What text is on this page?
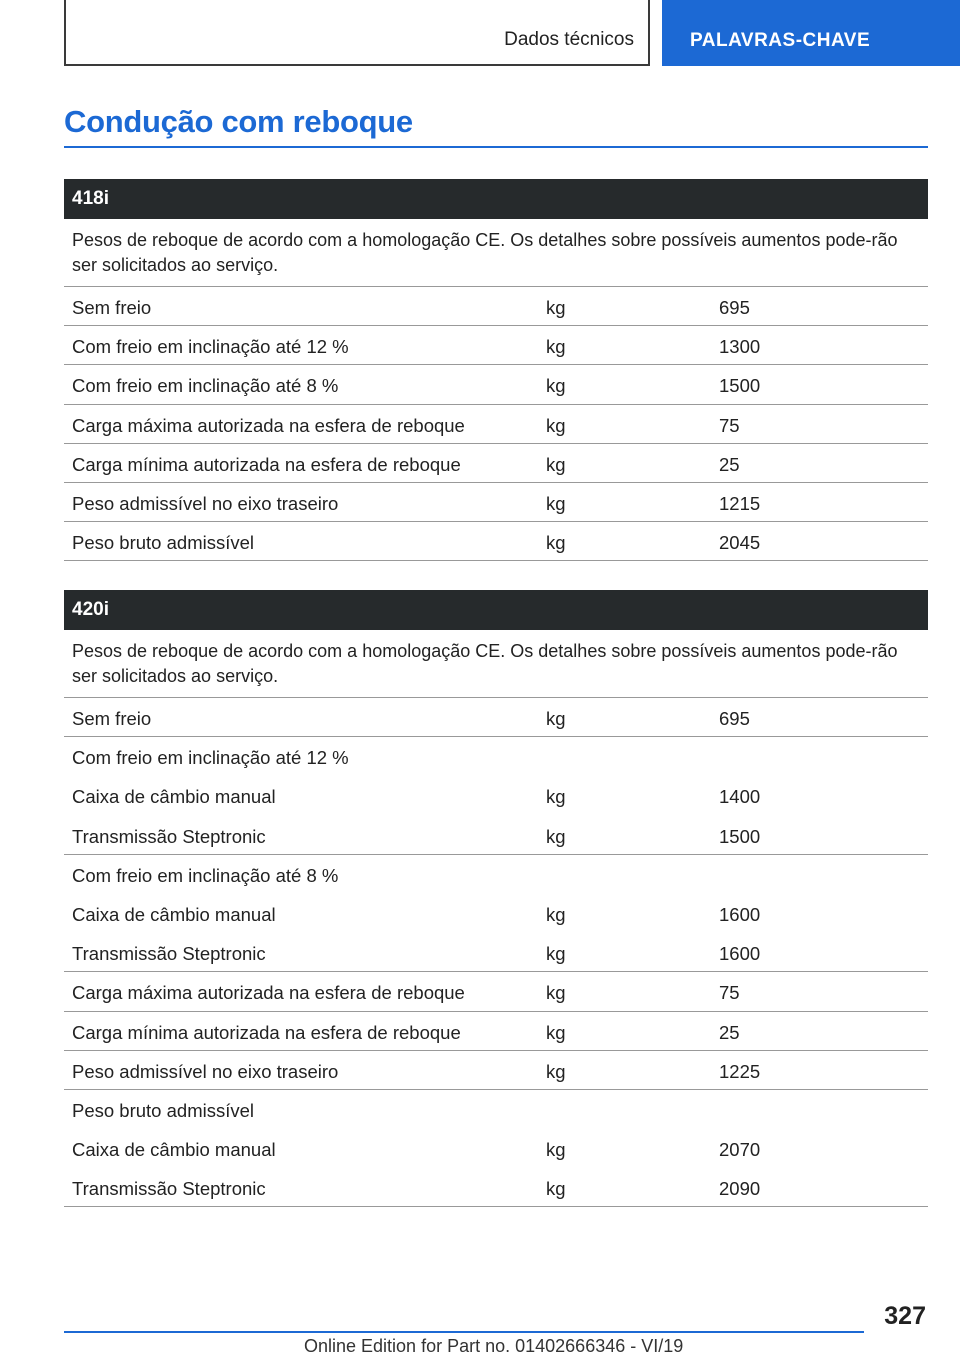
Dados técnicos	PALAVRAS-CHAVE
Condução com reboque
418i
Pesos de reboque de acordo com a homologação CE. Os detalhes sobre possíveis aumentos pode-rão ser solicitados ao serviço.
Sem freio	kg	695
Com freio em inclinação até 12 %	kg	1300
Com freio em inclinação até 8 %	kg	1500
Carga máxima autorizada na esfera de reboque	kg	75
Carga mínima autorizada na esfera de reboque	kg	25
Peso admissível no eixo traseiro	kg	1215
Peso bruto admissível	kg	2045
420i
Pesos de reboque de acordo com a homologação CE. Os detalhes sobre possíveis aumentos pode-rão ser solicitados ao serviço.
Sem freio	kg	695
Com freio em inclinação até 12 %
Caixa de câmbio manual	kg	1400
Transmissão Steptronic	kg	1500
Com freio em inclinação até 8 %
Caixa de câmbio manual	kg	1600
Transmissão Steptronic	kg	1600
Carga máxima autorizada na esfera de reboque	kg	75
Carga mínima autorizada na esfera de reboque	kg	25
Peso admissível no eixo traseiro	kg	1225
Peso bruto admissível
Caixa de câmbio manual	kg	2070
Transmissão Steptronic	kg	2090
327
Online Edition for Part no. 01402666346 - VI/19
